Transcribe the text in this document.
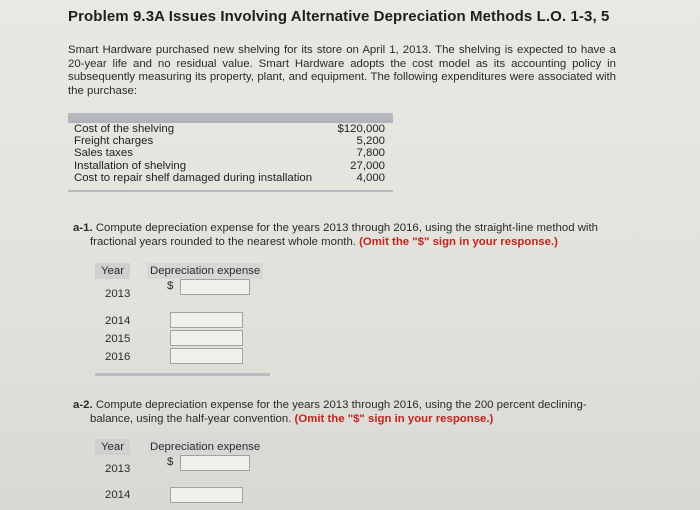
Problem 9.3A Issues Involving Alternative Depreciation Methods L.O. 1-3, 5
Smart Hardware purchased new shelving for its store on April 1, 2013. The shelving is expected to have a 20-year life and no residual value. Smart Hardware adopts the cost model as its accounting policy in subsequently measuring its property, plant, and equipment. The following expenditures were associated with the purchase:

Cost of the shelving	$120,000
Freight charges	5,200
Sales taxes	7,800
Installation of shelving	27,000
Cost to repair shelf damaged during installation	4,000
a-1. Compute depreciation expense for the years 2013 through 2016, using the straight-line method with
fractional years rounded to the nearest whole month. (Omit the "$" sign in your response.)
Year	Depreciation expense
2013
$
2014
2015
2016
a-2. Compute depreciation expense for the years 2013 through 2016, using the 200 percent declining-
balance, using the half-year convention. (Omit the "$" sign in your response.)
Year	Depreciation expense
2013
$
2014
